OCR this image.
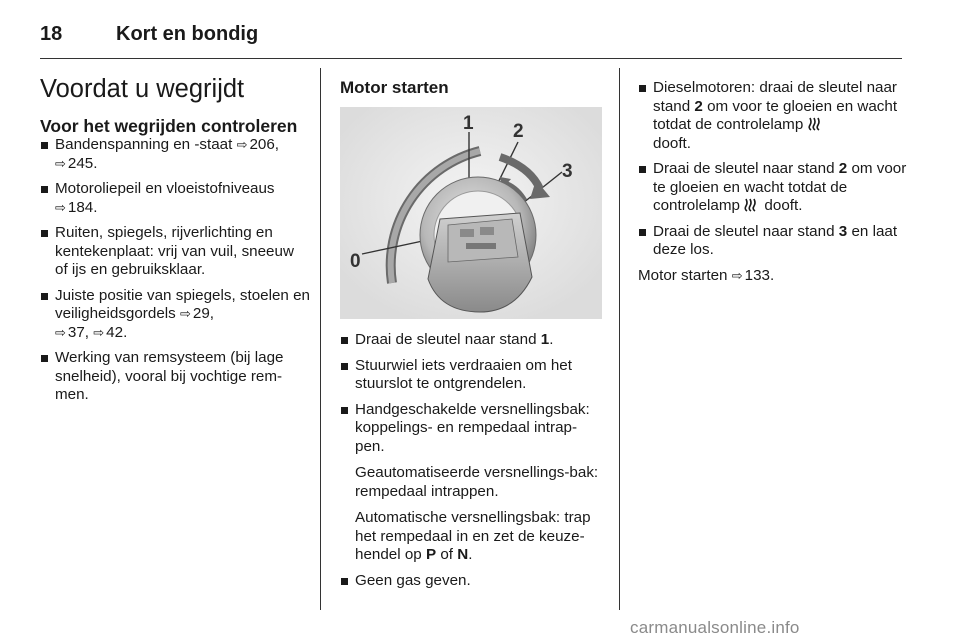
18	Kort en bondig
Voordat u wegrijdt
Voor het wegrijden controleren
Bandenspanning en -staat ⇨ 206,
⇨ 245.
Motoroliepeil en vloeistofniveaus
⇨ 184.
Ruiten, spiegels, rijverlichting en kentekenplaat: vrij van vuil, sneeuw of ijs en gebruiksklaar.
Juiste positie van spiegels, stoelen en veiligheidsgordels ⇨ 29,
⇨ 37, ⇨ 42.
Werking van remsysteem (bij lage snelheid), vooral bij vochtige rem-men.
Motor starten
0
1 2
3
Draai de sleutel naar stand 1.
Stuurwiel iets verdraaien om het stuurslot te ontgrendelen.
Handgeschakelde versnellingsbak: koppelings- en rempedaal intrap-pen.
Geautomatiseerde versnellings-bak: rempedaal intrappen.
Automatische versnellingsbak: trap het rempedaal in en zet de keuze-hendel op P of N.
Geen gas geven.
Dieselmotoren: draai de sleutel naar stand 2 om voor te gloeien en wacht totdat de controlelamp
dooft.
Draai de sleutel naar stand 2 om voor te gloeien en wacht totdat de controlelamp dooft.
Draai de sleutel naar stand 3 en laat deze los.
Motor starten ⇨ 133.
carmanualsonline.info
